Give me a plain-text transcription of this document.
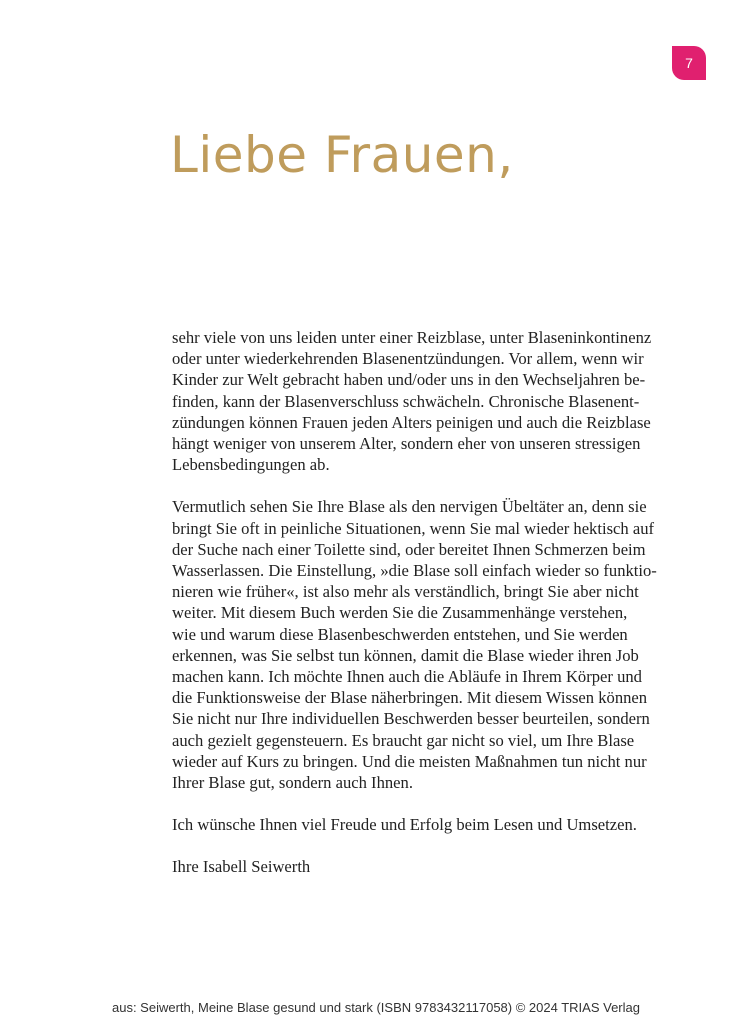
7
Liebe Frauen,

sehr viele von uns leiden unter einer Reizblase, unter Blaseninkontinenz
oder unter wiederkehrenden Blasenentzündungen. Vor allem, wenn wir
Kinder zur Welt gebracht haben und/oder uns in den Wechseljahren be-
finden, kann der Blasenverschluss schwächeln. Chronische Blasenent-
zündungen können Frauen jeden Alters peinigen und auch die Reizblase
hängt weniger von unserem Alter, sondern eher von unseren stressigen
Lebensbedingungen ab.

Vermutlich sehen Sie Ihre Blase als den nervigen Übeltäter an, denn sie
bringt Sie oft in peinliche Situationen, wenn Sie mal wieder hektisch auf
der Suche nach einer Toilette sind, oder bereitet Ihnen Schmerzen beim
Wasserlassen. Die Einstellung, »die Blase soll einfach wieder so funktio-
nieren wie früher«, ist also mehr als verständlich, bringt Sie aber nicht
weiter. Mit diesem Buch werden Sie die Zusammenhänge verstehen,
wie und warum diese Blasenbeschwerden entstehen, und Sie werden
erkennen, was Sie selbst tun können, damit die Blase wieder ihren Job
machen kann. Ich möchte Ihnen auch die Abläufe in Ihrem Körper und
die Funktionsweise der Blase näherbringen. Mit diesem Wissen können
Sie nicht nur Ihre individuellen Beschwerden besser beurteilen, sondern
auch gezielt gegensteuern. Es braucht gar nicht so viel, um Ihre Blase
wieder auf Kurs zu bringen. Und die meisten Maßnahmen tun nicht nur
Ihrer Blase gut, sondern auch Ihnen.

Ich wünsche Ihnen viel Freude und Erfolg beim Lesen und Umsetzen.

Ihre Isabell Seiwerth

aus: Seiwerth, Meine Blase gesund und stark (ISBN 9783432117058) © 2024 TRIAS Verlag
